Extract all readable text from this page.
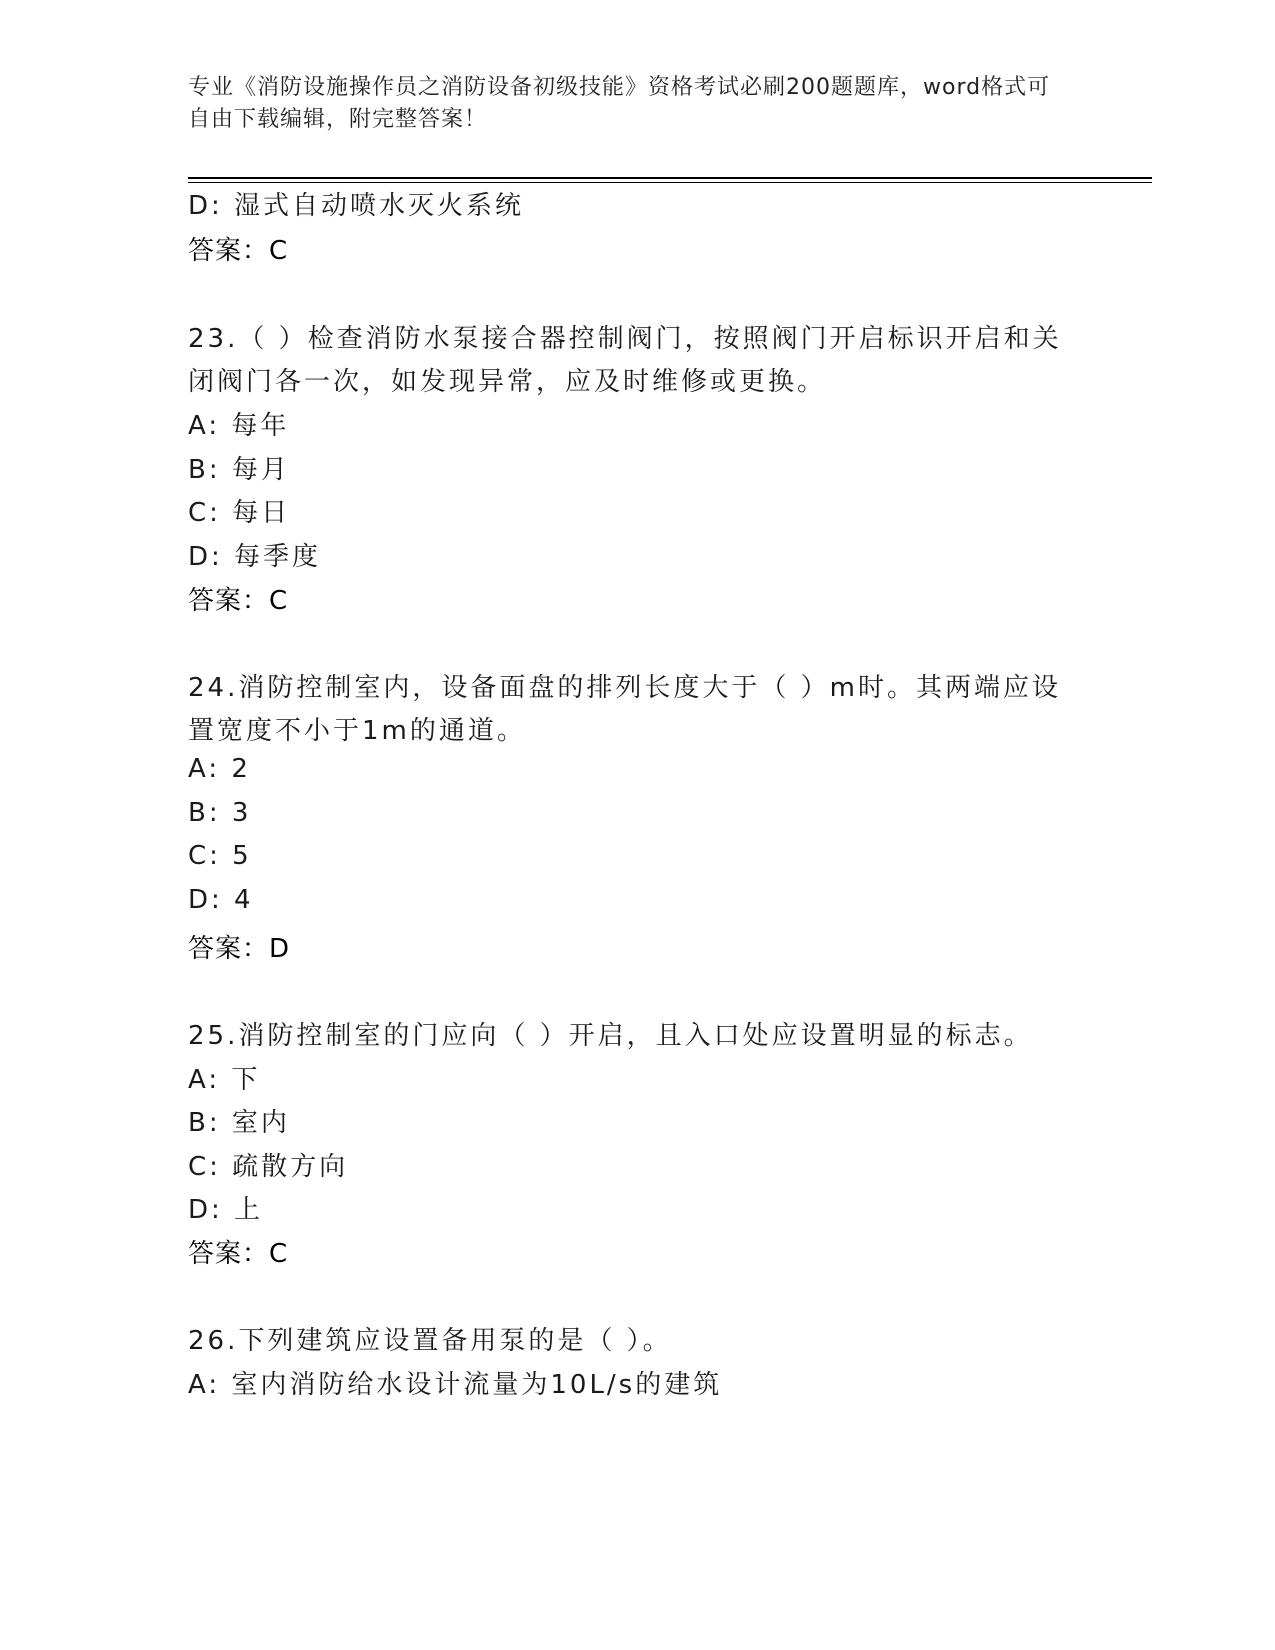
专业《消防设施操作员之消防设备初级技能》资格考试必刷200题题库，word格式可自由下载编辑，附完整答案！
D: 湿式自动喷水灭火系统
答案：C
23.（ ）检查消防水泵接合器控制阀门，按照阀门开启标识开启和关
闭阀门各一次，如发现异常，应及时维修或更换。
A: 每年
B: 每月
C: 每日
D: 每季度
答案：C
24.消防控制室内，设备面盘的排列长度大于（ ）m时。其两端应设
置宽度不小于1m的通道。
A: 2
B: 3
C: 5
D: 4
答案：D
25.消防控制室的门应向（ ）开启，且入口处应设置明显的标志。
A: 下
B: 室内
C: 疏散方向
D: 上
答案：C
26.下列建筑应设置备用泵的是（ ）。
A: 室内消防给水设计流量为10L/s的建筑
